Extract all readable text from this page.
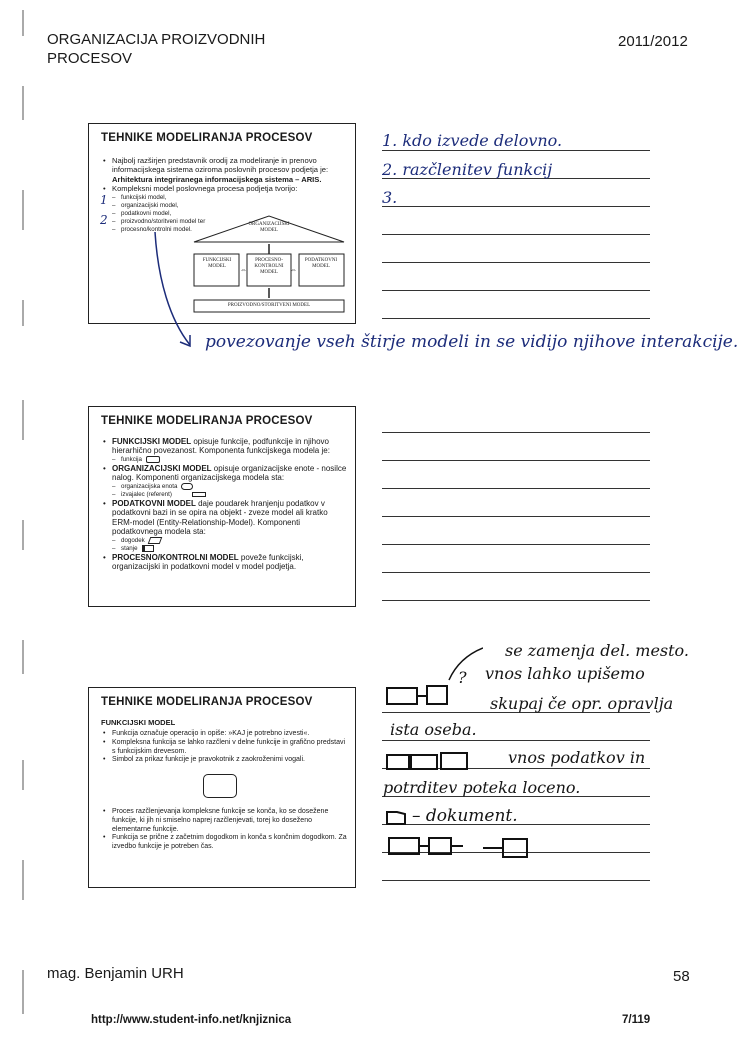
ORGANIZACIJA PROIZVODNIH
PROCESOV
2011/2012
TEHNIKE MODELIRANJA PROCESOV
• Najbolj razširjen predstavnik orodij za modeliranje in prenovo informacijskega sistema oziroma poslovnih procesov podjetja je: Arhitektura integriranega informacijskega sistema – ARIS.
• Kompleksni model poslovnega procesa podjetja tvorijo:
– funkcijski model,
– organizacijski model,
– podatkovni model,
– proizvodno/storitveni model ter
– procesno/kontrolni model.
⇔	⇔
ORGANIZACIJSKI MODEL
FUNKCIJSKI MODEL
PROCESNO-KONTROLNI MODEL
PODATKOVNI MODEL
PROIZVODNO/STORITVENI MODEL
1
2
1. kdo izvede delovno.
2. razčlenitev funkcij
3.
povezovanje vseh štirje modeli in se vidijo njihove interakcije.
TEHNIKE MODELIRANJA PROCESOV
• FUNKCIJSKI MODEL opisuje funkcije, podfunkcije in njihovo hierarhično povezanost. Komponenta funkcijskega modela je:
– funkcija
• ORGANIZACIJSKI MODEL opisuje organizacijske enote - nosilce nalog. Komponenti organizacijskega modela sta:
– organizacijska enota
– izvajalec (referent)
• PODATKOVNI MODEL daje poudarek hranjenju podatkov v podatkovni bazi in se opira na objekt - zveze model ali kratko ERM-model (Entity-Relationship-Model). Komponenti podatkovnega modela sta:
– dogodek
– stanje
• PROCESNO/KONTROLNI MODEL poveže funkcijski, organizacijski in podatkovni model v model podjetja.
TEHNIKE MODELIRANJA PROCESOV
FUNKCIJSKI MODEL
• Funkcija označuje operacijo in opiše: »KAJ je potrebno izvesti«.
• Kompleksna funkcija se lahko razčleni v delne funkcije in grafično predstavi s funkcijskim drevesom.
• Simbol za prikaz funkcije je pravokotnik z zaokroženimi vogali.
• Proces razčlenjevanja kompleksne funkcije se konča, ko se dosežene funkcije, ki jih ni smiselno naprej razčlenjevati, torej ko doseženo elementarne funkcije.
• Funkcija se prične z začetnim dogodkom in konča s končnim dogodkom. Za izvedbo funkcije je potreben čas.
se zamenja del. mesto.
? vnos lahko upišemo
skupaj če opr. opravlja
ista oseba.
vnos podatkov in
potrditev poteka loceno.
– dokument.
mag. Benjamin URH	58
http://www.student-info.net/knjiznica	7/119
